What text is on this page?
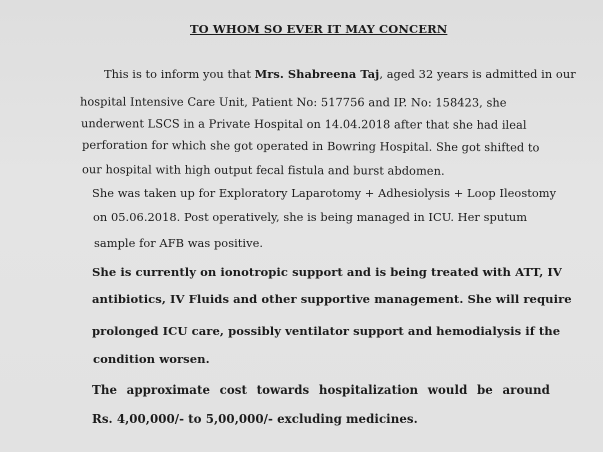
TO WHOM SO EVER IT MAY CONCERN
This is to inform you that Mrs. Shabreena Taj, aged 32 years is admitted in our
hospital Intensive Care Unit, Patient No: 517756 and IP. No: 158423, she
underwent LSCS in a Private Hospital on 14.04.2018 after that she had ileal
perforation for which she got operated in Bowring Hospital. She got shifted to
our hospital with high output fecal fistula and burst abdomen.
She was taken up for Exploratory Laparotomy + Adhesiolysis + Loop Ileostomy
on 05.06.2018. Post operatively, she is being managed in ICU. Her sputum
sample for AFB was positive.
She is currently on ionotropic support and is being treated with ATT, IV
antibiotics, IV Fluids and other supportive management. She will require
prolonged ICU care, possibly ventilator support and hemodialysis if the
condition worsen.
The approximate cost towards hospitalization would be around
Rs. 4,00,000/- to 5,00,000/- excluding medicines.
